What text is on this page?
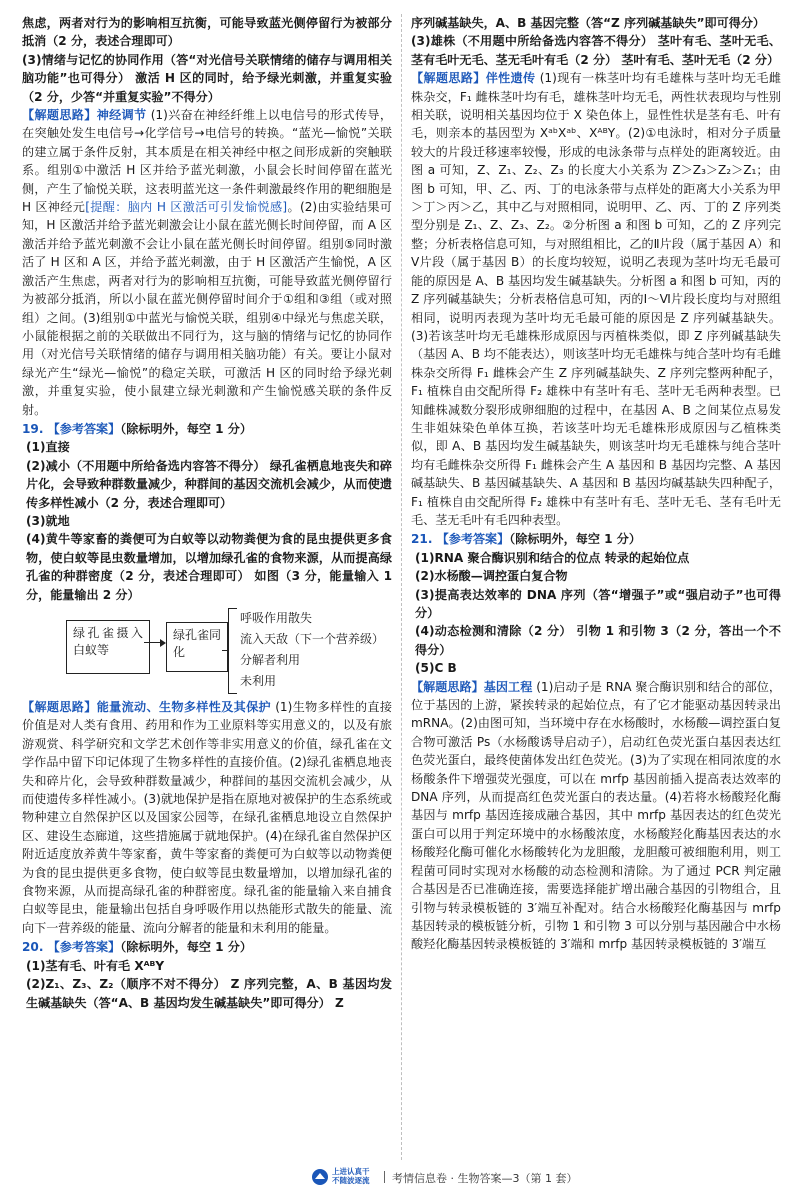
焦虑，两者对行为的影响相互抗衡，可能导致蓝光侧停留行为被部分抵消（2 分，表述合理即可）

(3)情绪与记忆的协同作用（答“对光信号关联情绪的储存与调用相关脑功能”也可得分） 激活 H 区的同时，给予绿光刺激，并重复实验（2 分，少答“并重复实验”不得分）

【解题思路】神经调节 (1)兴奋在神经纤维上以电信号的形式传导，在突触处发生电信号→化学信号→电信号的转换。“蓝光—愉悦”关联的建立属于条件反射，其本质是在相关神经中枢之间形成新的突触联系。组别①中激活 H 区并给予蓝光刺激，小鼠会长时间停留在蓝光侧，产生了愉悦关联，这表明蓝光这一条件刺激最终作用的靶细胞是 H 区神经元[提醒：脑内 H 区激活可引发愉悦感]。(2)由实验结果可知，H 区激活并给予蓝光刺激会让小鼠在蓝光侧长时间停留，而 A 区激活并给予蓝光刺激不会让小鼠在蓝光侧长时间停留。组别⑤同时激活了 H 区和 A 区，并给予蓝光刺激，由于 H 区激活产生愉悦，A 区激活产生焦虑，两者对行为的影响相互抗衡，可能导致蓝光侧停留行为被部分抵消，所以小鼠在蓝光侧停留时间介于①组和③组（或对照组）之间。(3)组别①中蓝光与愉悦关联，组别④中绿光与焦虑关联，小鼠能根据之前的关联做出不同行为，这与脑的情绪与记忆的协同作用（对光信号关联情绪的储存与调用相关脑功能）有关。要让小鼠对绿光产生“绿光—愉悦”的稳定关联，可激活 H 区的同时给予绿光刺激，并重复实验，使小鼠建立绿光刺激和产生愉悦感关联的条件反射。

19. 【参考答案】（除标明外，每空 1 分）

(1)直接

(2)减小（不用题中所给备选内容答不得分） 绿孔雀栖息地丧失和碎片化，会导致种群数量减少，种群间的基因交流机会减少，从而使遗传多样性减小（2 分，表述合理即可）

(3)就地

(4)黄牛等家畜的粪便可为白蚁等以动物粪便为食的昆虫提供更多食物，使白蚁等昆虫数量增加，以增加绿孔雀的食物来源，从而提高绿孔雀的种群密度（2 分，表述合理即可） 如图（3 分，能量输入 1 分，能量输出 2 分）

绿孔雀摄入白蚁等
绿孔雀同化
呼吸作用散失
流入天敌（下一个营养级）
分解者利用
未利用

【解题思路】能量流动、生物多样性及其保护 (1)生物多样性的直接价值是对人类有食用、药用和作为工业原料等实用意义的，以及有旅游观赏、科学研究和文学艺术创作等非实用意义的价值，绿孔雀在文学作品中留下印记体现了生物多样性的直接价值。(2)绿孔雀栖息地丧失和碎片化，会导致种群数量减少，种群间的基因交流机会减少，从而使遗传多样性减小。(3)就地保护是指在原地对被保护的生态系统或物种建立自然保护区以及国家公园等，在绿孔雀栖息地设立自然保护区、建设生态廊道，这些措施属于就地保护。(4)在绿孔雀自然保护区附近适度放养黄牛等家畜，黄牛等家畜的粪便可为白蚁等以动物粪便为食的昆虫提供更多食物，使白蚁等昆虫数量增加，以增加绿孔雀的食物来源，从而提高绿孔雀的种群密度。绿孔雀的能量输入来自捕食白蚁等昆虫，能量输出包括自身呼吸作用以热能形式散失的能量、流向下一营养级的能量、流向分解者的能量和未利用的能量。

20. 【参考答案】（除标明外，每空 1 分）

(1)茎有毛、叶有毛 XᴬᴮY

(2)Z₁、Z₃、Z₂（顺序不对不得分） Z 序列完整，A、B 基因均发生碱基缺失（答“A、B 基因均发生碱基缺失”即可得分） Z

序列碱基缺失，A、B 基因完整（答“Z 序列碱基缺失”即可得分）

(3)雄株（不用题中所给备选内容答不得分） 茎叶有毛、茎叶无毛、茎有毛叶无毛、茎无毛叶有毛（2 分） 茎叶有毛、茎叶无毛（2 分）

【解题思路】伴性遗传 (1)现有一株茎叶均有毛雄株与茎叶均无毛雌株杂交，F₁ 雌株茎叶均有毛，雄株茎叶均无毛，两性状表现均与性别相关联，说明相关基因均位于 X 染色体上，显性性状是茎有毛、叶有毛，则亲本的基因型为 XᵃᵇXᵃᵇ、XᴬᴮY。(2)①电泳时，相对分子质量较大的片段迁移速率较慢，形成的电泳条带与点样处的距离较近。由图 a 可知，Z、Z₁、Z₂、Z₃ 的长度大小关系为 Z＞Z₃＞Z₂＞Z₁；由图 b 可知，甲、乙、丙、丁的电泳条带与点样处的距离大小关系为甲＞丁＞丙＞乙，其中乙与对照相同，说明甲、乙、丙、丁的 Z 序列类型分别是 Z₁、Z、Z₃、Z₂。②分析图 a 和图 b 可知，乙的 Z 序列完整；分析表格信息可知，与对照组相比，乙的Ⅱ片段（属于基因 A）和Ⅴ片段（属于基因 B）的长度均较短，说明乙表现为茎叶均无毛最可能的原因是 A、B 基因均发生碱基缺失。分析图 a 和图 b 可知，丙的 Z 序列碱基缺失；分析表格信息可知，丙的Ⅰ～Ⅵ片段长度均与对照组相同，说明丙表现为茎叶均无毛最可能的原因是 Z 序列碱基缺失。(3)若该茎叶均无毛雄株形成原因与丙植株类似，即 Z 序列碱基缺失（基因 A、B 均不能表达），则该茎叶均无毛雄株与纯合茎叶均有毛雌株杂交所得 F₁ 雌株会产生 Z 序列碱基缺失、Z 序列完整两种配子，F₁ 植株自由交配所得 F₂ 雄株中有茎叶有毛、茎叶无毛两种表型。已知雌株减数分裂形成卵细胞的过程中，在基因 A、B 之间某位点易发生非姐妹染色单体互换，若该茎叶均无毛雄株形成原因与乙植株类似，即 A、B 基因均发生碱基缺失，则该茎叶均无毛雄株与纯合茎叶均有毛雌株杂交所得 F₁ 雌株会产生 A 基因和 B 基因均完整、A 基因碱基缺失、B 基因碱基缺失、A 基因和 B 基因均碱基缺失四种配子，F₁ 植株自由交配所得 F₂ 雄株中有茎叶有毛、茎叶无毛、茎有毛叶无毛、茎无毛叶有毛四种表型。

21. 【参考答案】（除标明外，每空 1 分）

(1)RNA 聚合酶识别和结合的位点 转录的起始位点

(2)水杨酸—调控蛋白复合物

(3)提高表达效率的 DNA 序列（答“增强子”或“强启动子”也可得分）

(4)动态检测和清除（2 分） 引物 1 和引物 3（2 分，答出一个不得分）

(5)C B

【解题思路】基因工程 (1)启动子是 RNA 聚合酶识别和结合的部位，位于基因的上游，紧挨转录的起始位点，有了它才能驱动基因转录出 mRNA。(2)由图可知，当环境中存在水杨酸时，水杨酸—调控蛋白复合物可激活 Ps（水杨酸诱导启动子），启动红色荧光蛋白基因表达红色荧光蛋白，最终使菌体发出红色荧光。(3)为了实现在相同浓度的水杨酸条件下增强荧光强度，可以在 mrfp 基因前插入提高表达效率的 DNA 序列，从而提高红色荧光蛋白的表达量。(4)若将水杨酸羟化酶基因与 mrfp 基因连接成融合基因，其中 mrfp 基因表达的红色荧光蛋白可以用于判定环境中的水杨酸浓度，水杨酸羟化酶基因表达的水杨酸羟化酶可催化水杨酸转化为龙胆酸，龙胆酸可被细胞利用，则工程菌可同时实现对水杨酸的动态检测和清除。为了通过 PCR 判定融合基因是否已准确连接，需要选择能扩增出融合基因的引物组合，且引物与转录模板链的 3′端互补配对。结合水杨酸羟化酶基因与 mrfp 基因转录的模板链分析，引物 1 和引物 3 可以分别与基因融合中水杨酸羟化酶基因转录模板链的 3′端和 mrfp 基因转录模板链的 3′端互

上进认真干
不随波逐流 考情信息卷 · 生物答案—3（第 1 套）
